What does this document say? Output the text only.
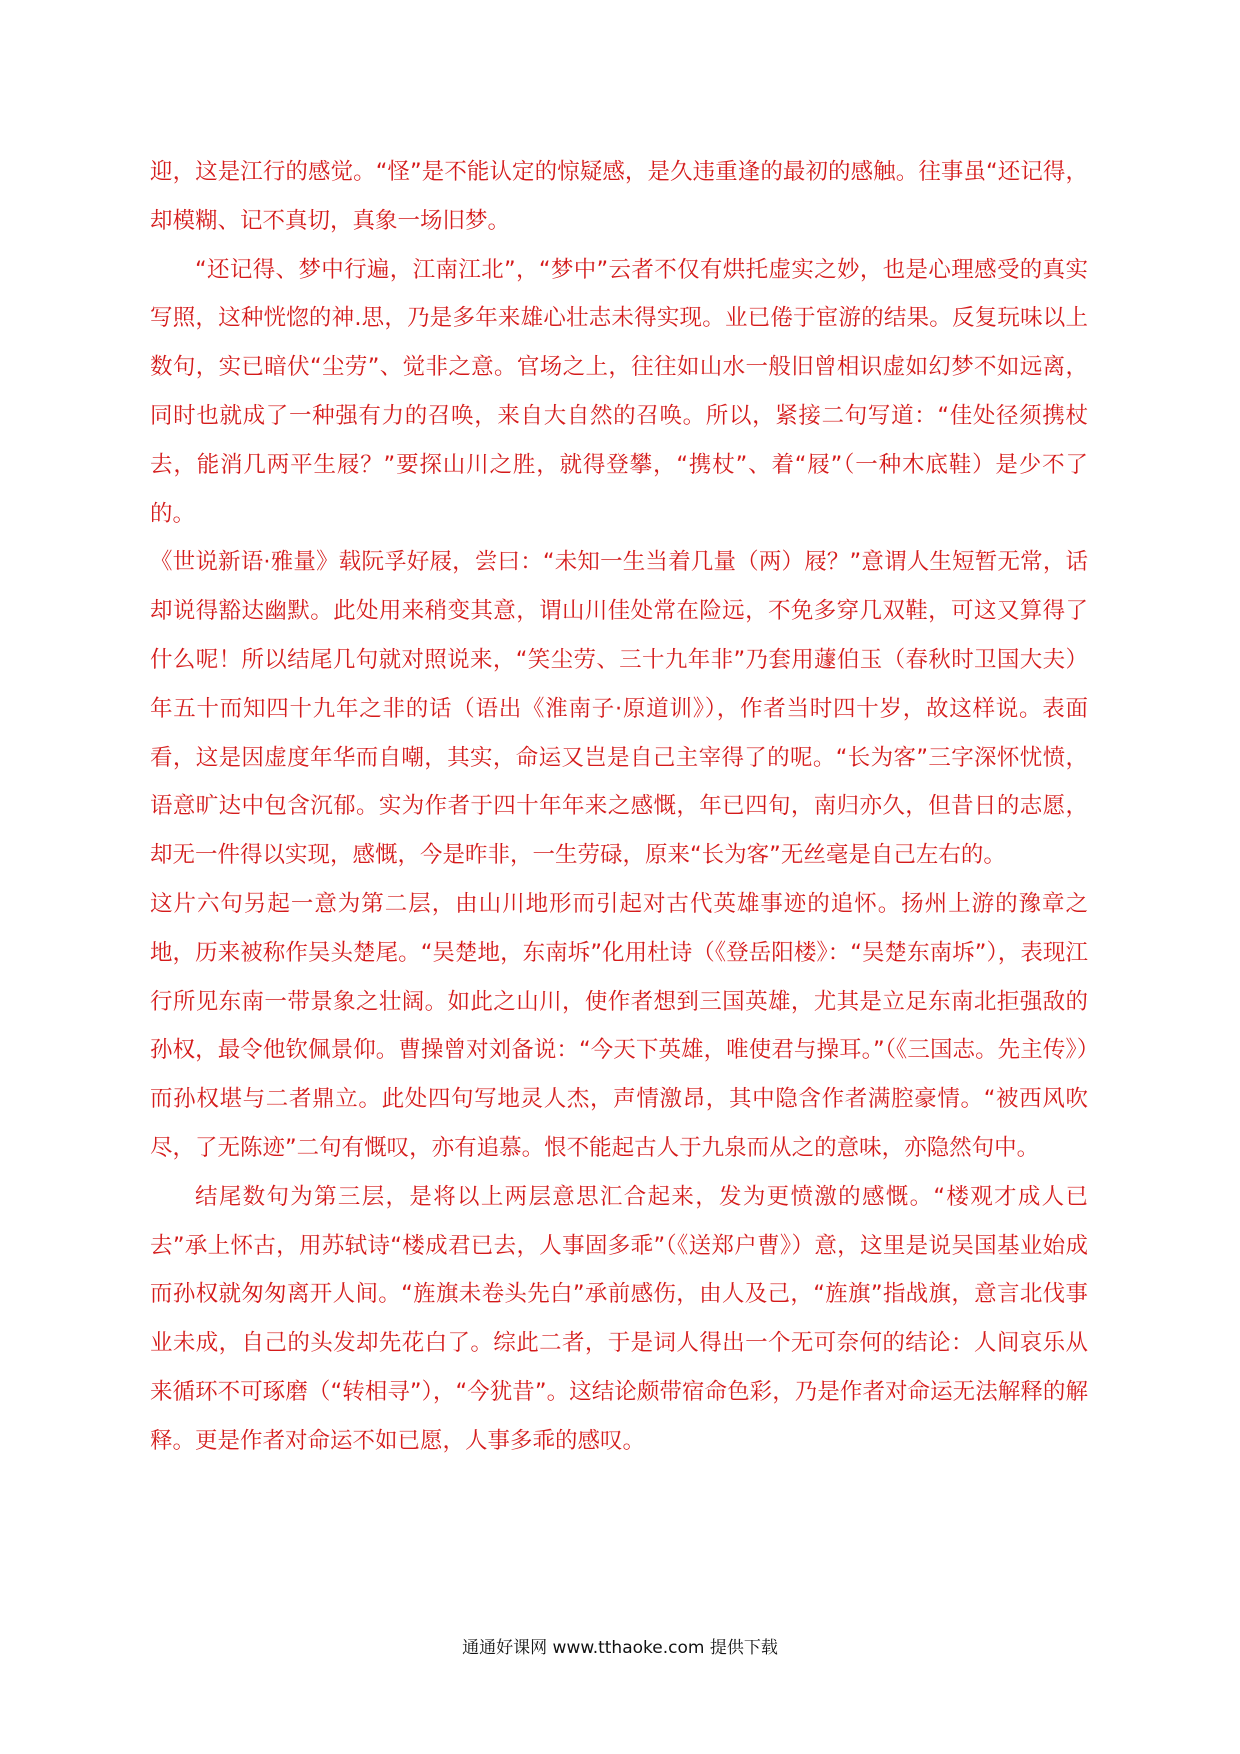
迎，这是江行的感觉。“怪”是不能认定的惊疑感，是久违重逢的最初的感触。往事虽“还记得，却模糊、记不真切，真象一场旧梦。

“还记得、梦中行遍，江南江北”，“梦中”云者不仅有烘托虚实之妙，也是心理感受的真实写照，这种恍惚的神.思，乃是多年来雄心壮志未得实现。业已倦于宦游的结果。反复玩味以上数句，实已暗伏“尘劳”、觉非之意。官场之上，往往如山水一般旧曾相识虚如幻梦不如远离，同时也就成了一种强有力的召唤，来自大自然的召唤。所以，紧接二句写道：“佳处径须携杖去，能消几两平生屐？”要探山川之胜，就得登攀，“携杖”、着“屐”（一种木底鞋）是少不了的。

《世说新语·雅量》载阮孚好屐，尝曰：“未知一生当着几量（两）屐？”意谓人生短暂无常，话却说得豁达幽默。此处用来稍变其意，谓山川佳处常在险远，不免多穿几双鞋，可这又算得了什么呢！所以结尾几句就对照说来，“笑尘劳、三十九年非”乃套用蘧伯玉（春秋时卫国大夫）年五十而知四十九年之非的话（语出《淮南子·原道训》），作者当时四十岁，故这样说。表面看，这是因虚度年华而自嘲，其实，命运又岂是自己主宰得了的呢。“长为客”三字深怀忧愤，语意旷达中包含沉郁。实为作者于四十年年来之感慨，年已四旬，南归亦久，但昔日的志愿，却无一件得以实现，感慨，今是昨非，一生劳碌，原来“长为客”无丝毫是自己左右的。

这片六句另起一意为第二层，由山川地形而引起对古代英雄事迹的追怀。扬州上游的豫章之地，历来被称作吴头楚尾。“吴楚地，东南坼”化用杜诗（《登岳阳楼》：“吴楚东南坼”），表现江行所见东南一带景象之壮阔。如此之山川，使作者想到三国英雄，尤其是立足东南北拒强敌的孙权，最令他钦佩景仰。曹操曾对刘备说：“今天下英雄，唯使君与操耳。”（《三国志。先主传》）而孙权堪与二者鼎立。此处四句写地灵人杰，声情激昂，其中隐含作者满腔豪情。“被西风吹尽，了无陈迹”二句有慨叹，亦有追慕。恨不能起古人于九泉而从之的意味，亦隐然句中。

结尾数句为第三层，是将以上两层意思汇合起来，发为更愤激的感慨。“楼观才成人已去”承上怀古，用苏轼诗“楼成君已去，人事固多乖”（《送郑户曹》）意，这里是说吴国基业始成而孙权就匆匆离开人间。“旌旗未卷头先白”承前感伤，由人及己，“旌旗”指战旗，意言北伐事业未成，自己的头发却先花白了。综此二者，于是词人得出一个无可奈何的结论：人间哀乐从来循环不可琢磨（“转相寻”），“今犹昔”。这结论颇带宿命色彩，乃是作者对命运无法解释的解释。更是作者对命运不如已愿，人事多乖的感叹。

通通好课网 www.tthaoke.com 提供下载
